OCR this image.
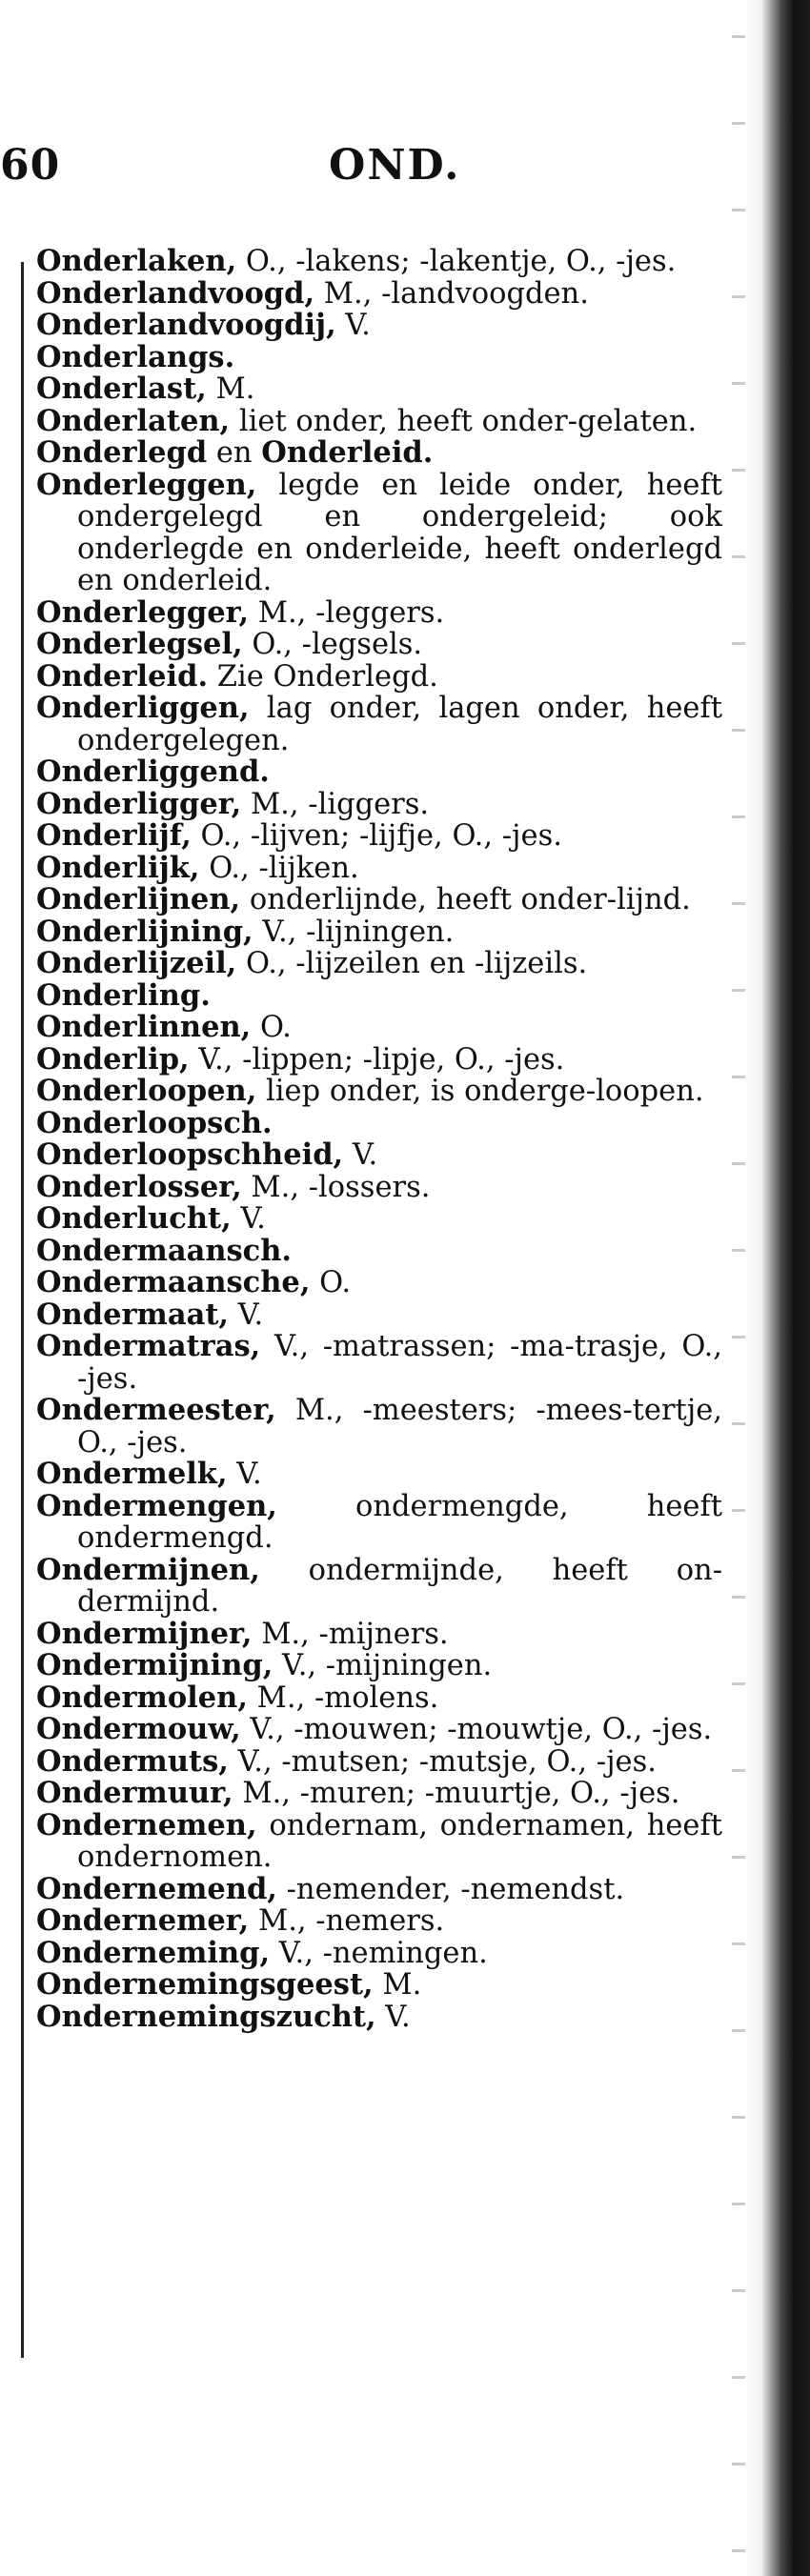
60	OND.
Onderlaken, O., -lakens; -lakentje, O., -jes.
Onderlandvoogd, M., -landvoogden.
Onderlandvoogdij, V.
Onderlangs.
Onderlast, M.
Onderlaten, liet onder, heeft onder-gelaten.
Onderlegd en Onderleid.
Onderleggen, legde en leide onder, heeft ondergelegd en ondergeleid; ook onderlegde en onderleide, heeft onderlegd en onderleid.
Onderlegger, M., -leggers.
Onderlegsel, O., -legsels.
Onderleid. Zie Onderlegd.
Onderliggen, lag onder, lagen onder, heeft ondergelegen.
Onderliggend.
Onderligger, M., -liggers.
Onderlijf, O., -lijven; -lijfje, O., -jes.
Onderlijk, O., -lijken.
Onderlijnen, onderlijnde, heeft onder-lijnd.
Onderlijning, V., -lijningen.
Onderlijzeil, O., -lijzeilen en -lijzeils.
Onderling.
Onderlinnen, O.
Onderlip, V., -lippen; -lipje, O., -jes.
Onderloopen, liep onder, is onderge-loopen.
Onderloopsch.
Onderloopschheid, V.
Onderlosser, M., -lossers.
Onderlucht, V.
Ondermaansch.
Ondermaansche, O.
Ondermaat, V.
Ondermatras, V., -matrassen; -ma-trasje, O., -jes.
Ondermeester, M., -meesters; -mees-tertje, O., -jes.
Ondermelk, V.
Ondermengen, ondermengde, heeft ondermengd.
Ondermijnen, ondermijnde, heeft on-dermijnd.
Ondermijner, M., -mijners.
Ondermijning, V., -mijningen.
Ondermolen, M., -molens.
Ondermouw, V., -mouwen; -mouwtje, O., -jes.
Ondermuts, V., -mutsen; -mutsje, O., -jes.
Ondermuur, M., -muren; -muurtje, O., -jes.
Ondernemen, ondernam, ondernamen, heeft ondernomen.
Ondernemend, -nemender, -nemendst.
Ondernemer, M., -nemers.
Onderneming, V., -nemingen.
Ondernemingsgeest, M.
Ondernemingszucht, V.
